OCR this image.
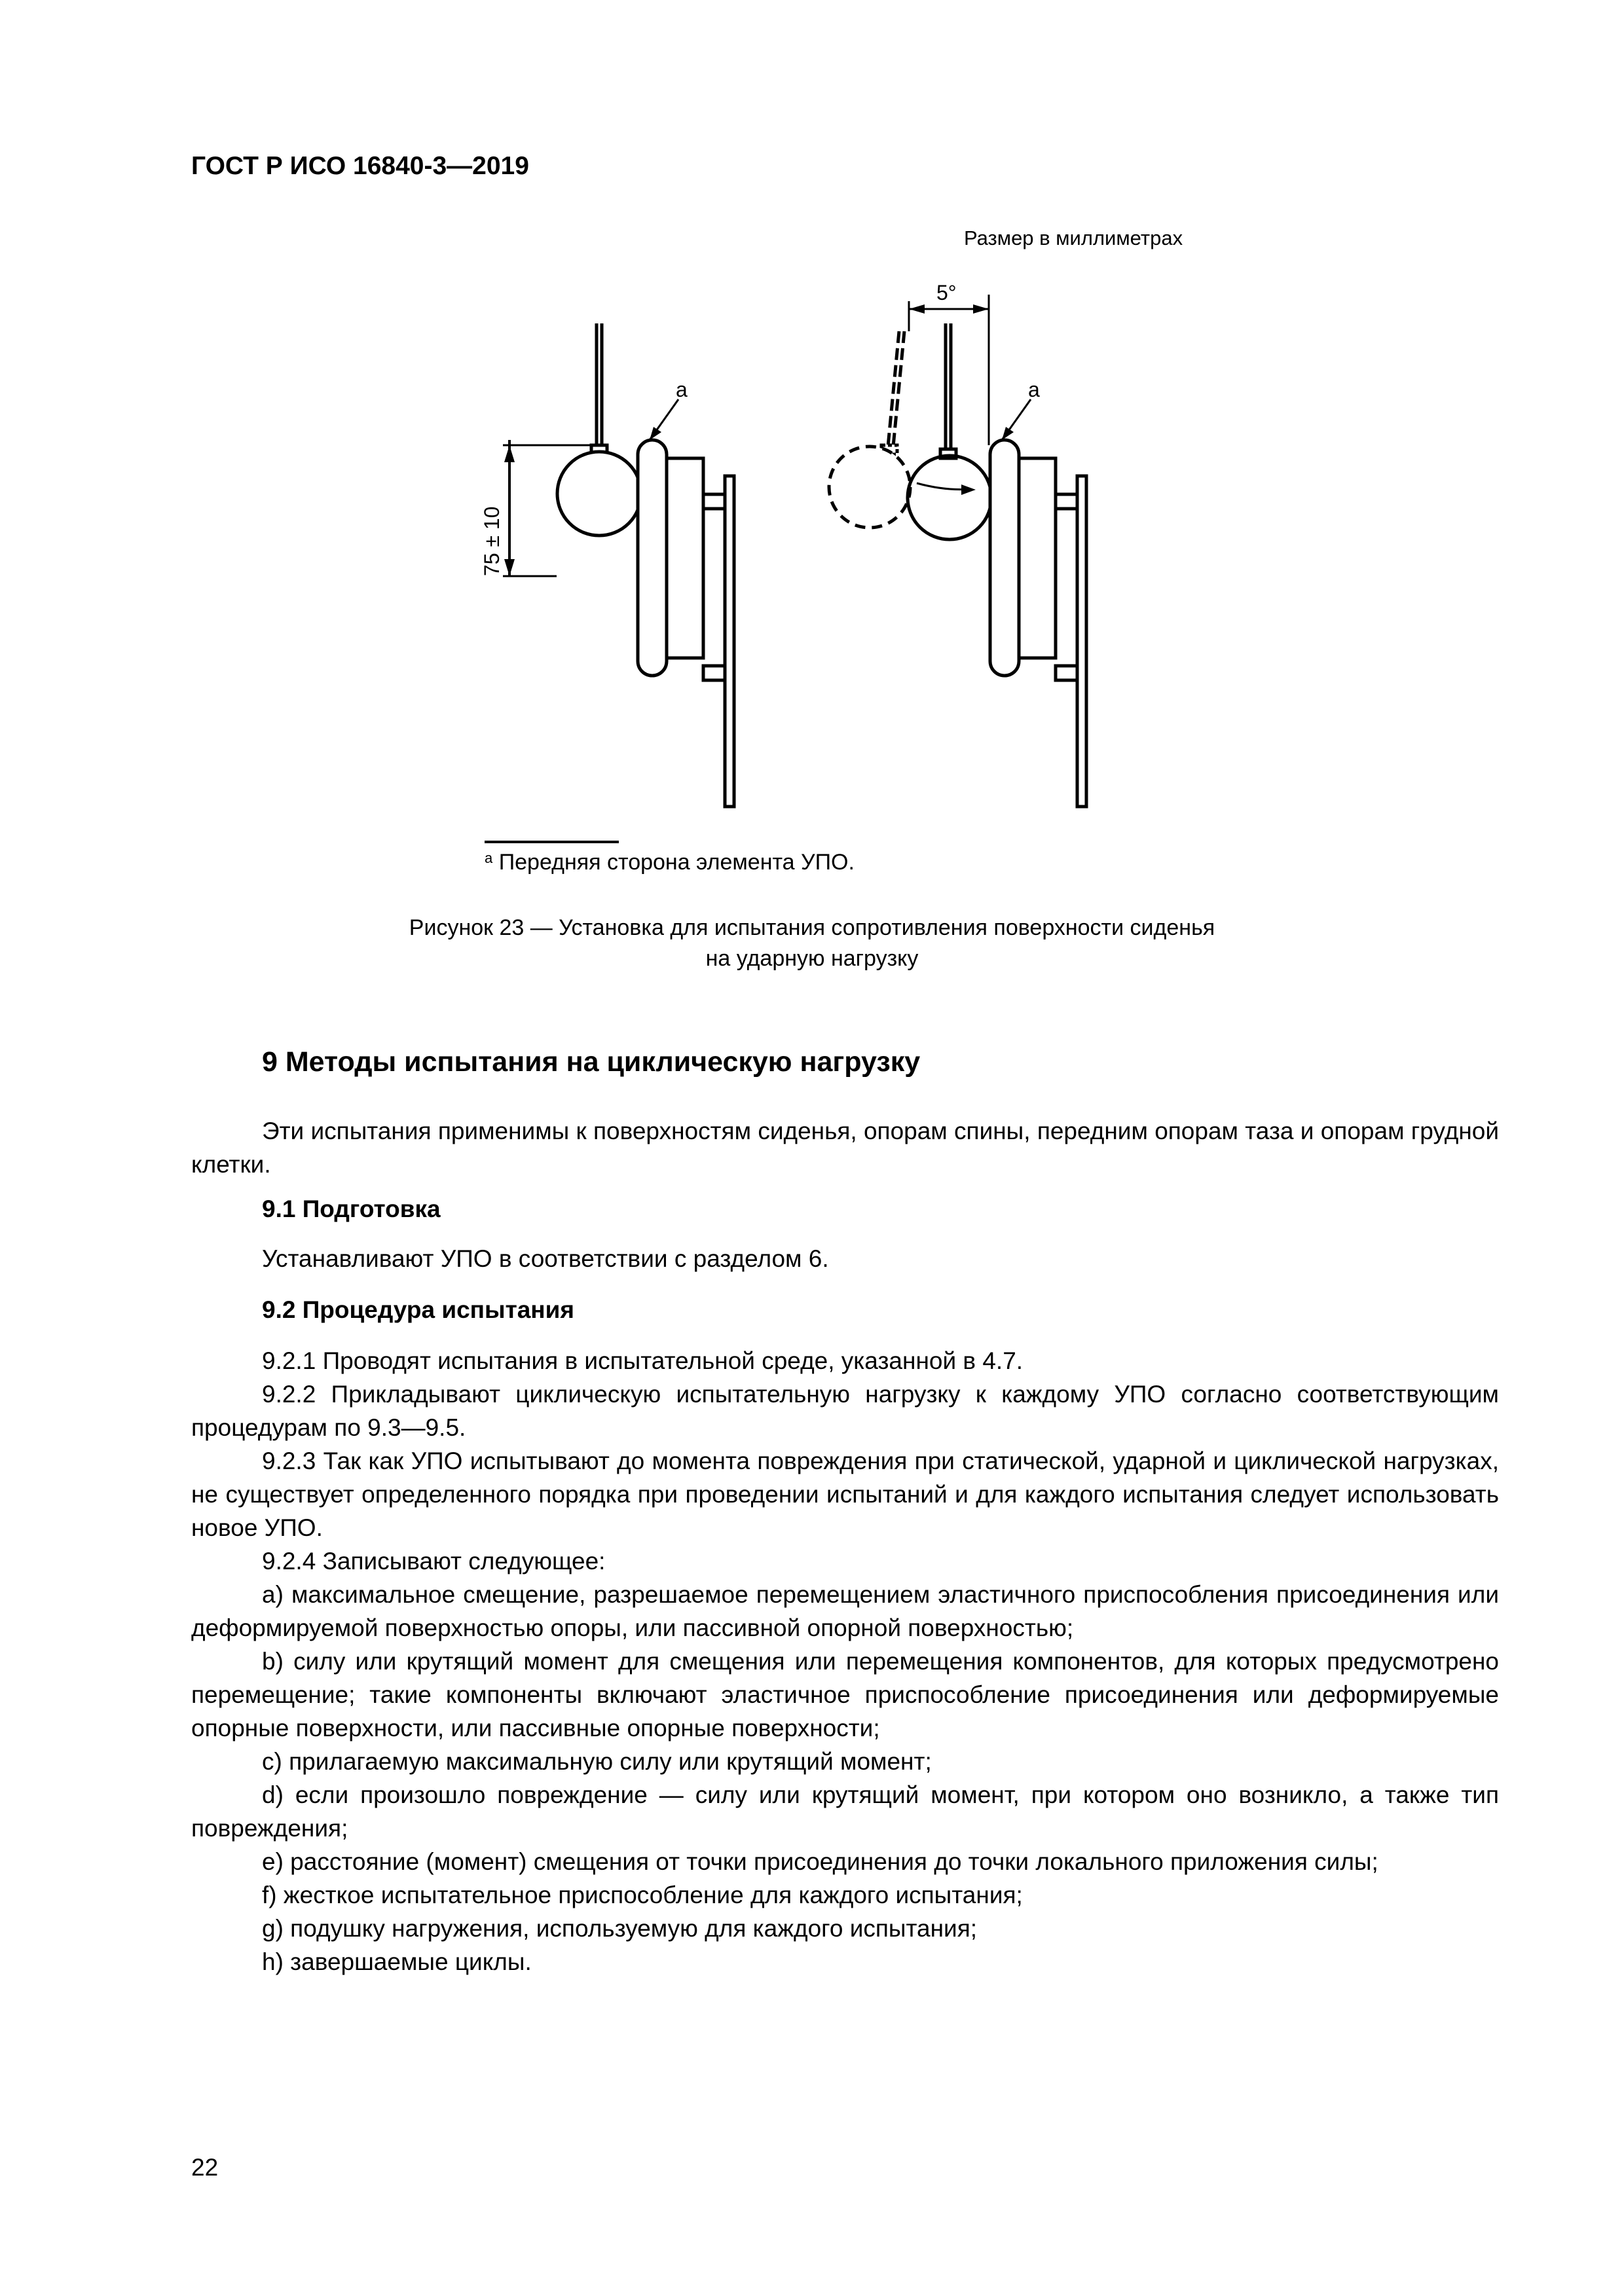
ГОСТ Р ИСО 16840-3—2019
Размер в миллиметрах
75 ± 10
5°
а	а
$^а$ Передняя сторона элемента УПО.
Рисунок 23 — Установка для испытания сопротивления поверхности сиденья
на ударную нагрузку
9 Методы испытания на циклическую нагрузку

Эти испытания применимы к поверхностям сиденья, опорам спины, передним опорам таза и опорам грудной клетки.

9.1 Подготовка

Устанавливают УПО в соответствии с разделом 6.

9.2 Процедура испытания

9.2.1 Проводят испытания в испытательной среде, указанной в 4.7.

9.2.2 Прикладывают циклическую испытательную нагрузку к каждому УПО согласно соответствующим процедурам по 9.3—9.5.

9.2.3 Так как УПО испытывают до момента повреждения при статической, ударной и циклической нагрузках, не существует определенного порядка при проведении испытаний и для каждого испытания следует использовать новое УПО.

9.2.4 Записывают следующее:

a) максимальное смещение, разрешаемое перемещением эластичного приспособления присоединения или деформируемой поверхностью опоры, или пассивной опорной поверхностью;

b) силу или крутящий момент для смещения или перемещения компонентов, для которых предусмотрено перемещение; такие компоненты включают эластичное приспособление присоединения или деформируемые опорные поверхности, или пассивные опорные поверхности;

c) прилагаемую максимальную силу или крутящий момент;

d) если произошло повреждение — силу или крутящий момент, при котором оно возникло, а также тип повреждения;

e) расстояние (момент) смещения от точки присоединения до точки локального приложения силы;

f) жесткое испытательное приспособление для каждого испытания;

g) подушку нагружения, используемую для каждого испытания;

h) завершаемые циклы.

22
